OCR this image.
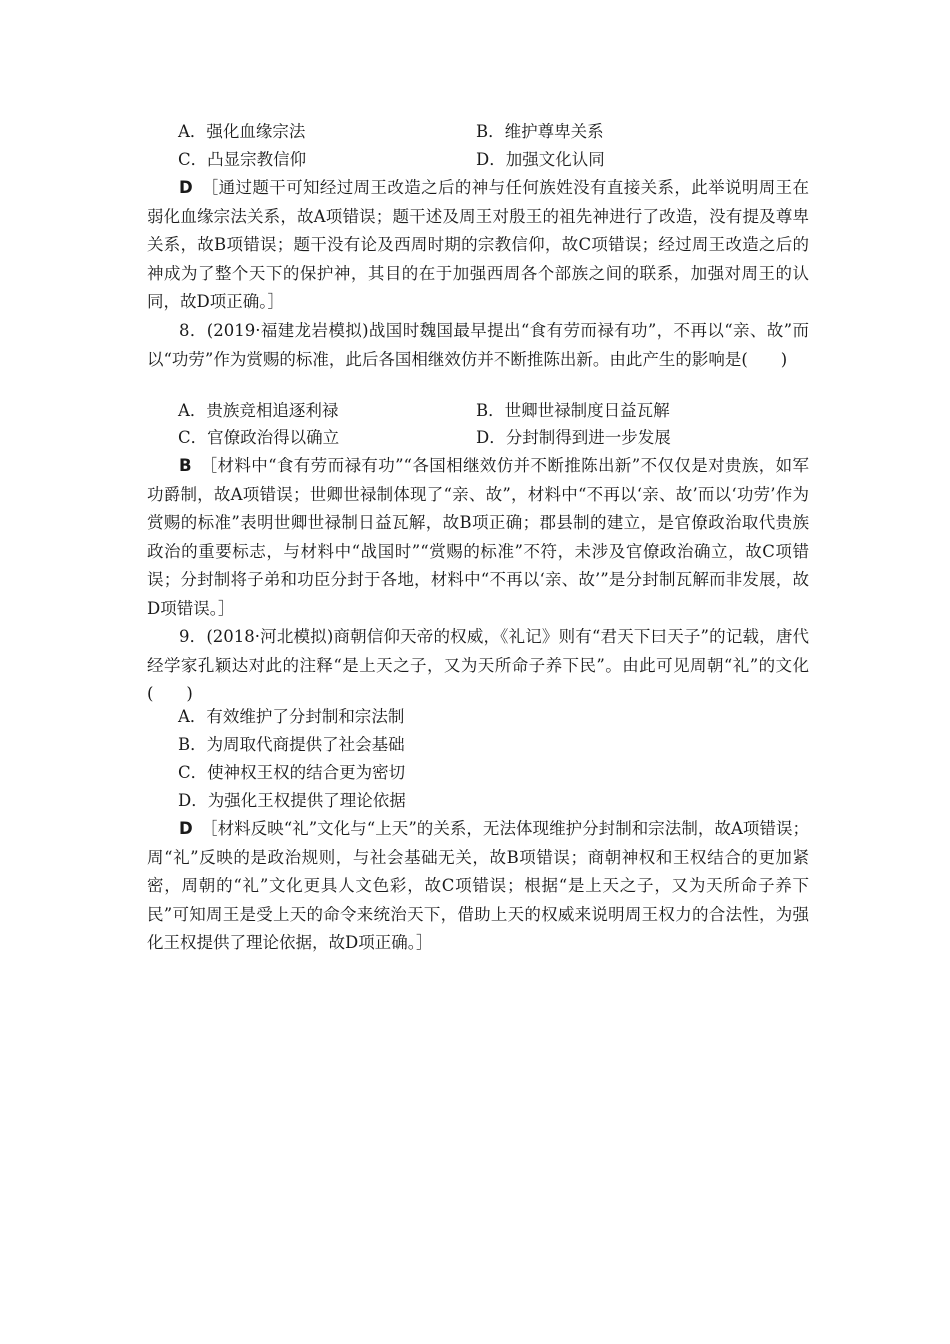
A．强化血缘宗法	B．维护尊卑关系
C．凸显宗教信仰	D．加强文化认同
D　 ［通过题干可知经过周王改造之后的神与任何族姓没有直接关系，此举说明周王在弱化血缘宗法关系，故A项错误；题干述及周王对殷王的祖先神进行了改造，没有提及尊卑关系，故B项错误；题干没有论及西周时期的宗教信仰，故C项错误；经过周王改造之后的神成为了整个天下的保护神，其目的在于加强西周各个部族之间的联系，加强对周王的认同，故D项正确。］
8．(2019·福建龙岩模拟)战国时魏国最早提出“食有劳而禄有功”，不再以“亲、故”而以“功劳”作为赏赐的标准，此后各国相继效仿并不断推陈出新。由此产生的影响是(　　)
A．贵族竞相追逐利禄	B．世卿世禄制度日益瓦解
C．官僚政治得以确立	D．分封制得到进一步发展
B　 ［材料中“食有劳而禄有功”“各国相继效仿并不断推陈出新”不仅仅是对贵族，如军功爵制，故A项错误；世卿世禄制体现了“亲、故”，材料中“不再以‘亲、故’而以‘功劳’作为赏赐的标准”表明世卿世禄制日益瓦解，故B项正确；郡县制的建立，是官僚政治取代贵族政治的重要标志，与材料中“战国时”“赏赐的标准”不符，未涉及官僚政治确立，故C项错误；分封制将子弟和功臣分封于各地，材料中“不再以‘亲、故’”是分封制瓦解而非发展，故D项错误。］
9．(2018·河北模拟)商朝信仰天帝的权威，《礼记》则有“君天下曰天子”的记载，唐代经学家孔颖达对此的注释“是上天之子，又为天所命子养下民”。由此可见周朝“礼”的文化(　　)
A．有效维护了分封制和宗法制
B．为周取代商提供了社会基础
C．使神权王权的结合更为密切
D．为强化王权提供了理论依据
D　 ［材料反映“礼”文化与“上天”的关系，无法体现维护分封制和宗法制，故A项错误；周“礼”反映的是政治规则，与社会基础无关，故B项错误；商朝神权和王权结合的更加紧密，周朝的“礼”文化更具人文色彩，故C项错误；根据“是上天之子，又为天所命子养下民”可知周王是受上天的命令来统治天下，借助上天的权威来说明周王权力的合法性，为强化王权提供了理论依据，故D项正确。］
